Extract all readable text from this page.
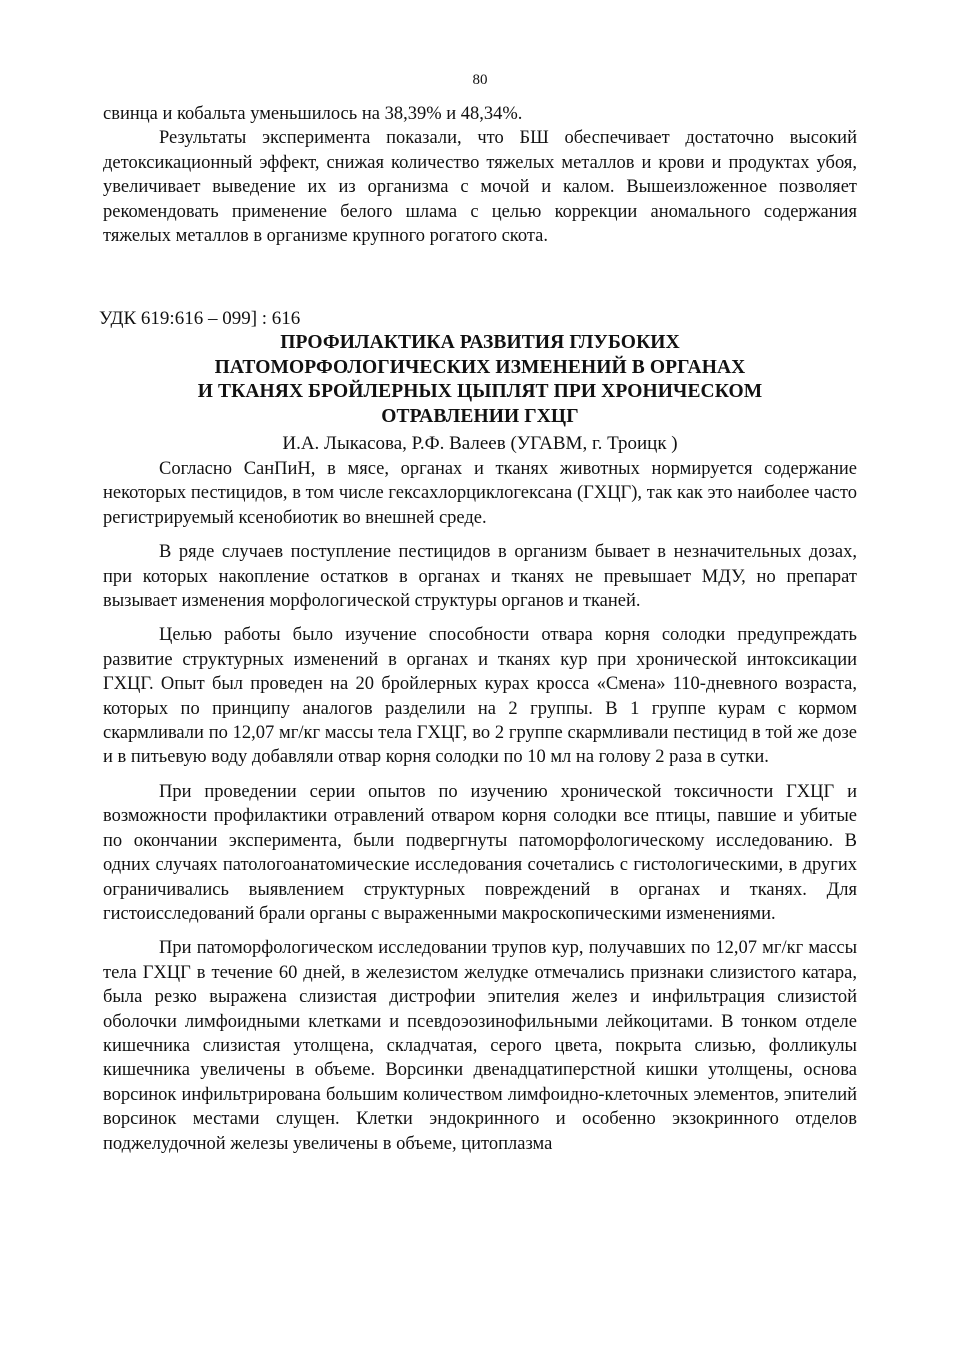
80

свинца и кобальта уменьшилось на 38,39% и 48,34%.

Результаты эксперимента показали, что БШ обеспечивает достаточно высокий детоксикационный эффект, снижая количество тяжелых металлов и крови и продуктах убоя, увеличивает выведение их из организма с мочой и калом. Вышеизложенное позволяет рекомендовать применение белого шлама с целью коррекции аномального содержания тяжелых металлов в организме крупного рогатого скота.

УДК 619:616 – 099] : 616
ПРОФИЛАКТИКА РАЗВИТИЯ ГЛУБОКИХ
ПАТОМОРФОЛОГИЧЕСКИХ ИЗМЕНЕНИЙ В ОРГАНАХ
И ТКАНЯХ БРОЙЛЕРНЫХ ЦЫПЛЯТ ПРИ ХРОНИЧЕСКОМ
ОТРАВЛЕНИИ ГХЦГ
И.А. Лыкасова, Р.Ф. Валеев (УГАВМ, г. Троицк )

Согласно СанПиН, в мясе, органах и тканях животных нормируется содержание некоторых пестицидов, в том числе гексахлорциклогексана (ГХЦГ), так как это наиболее часто регистрируемый ксенобиотик во внешней среде.

В ряде случаев поступление пестицидов в организм бывает в незначительных дозах, при которых накопление остатков в органах и тканях не превышает МДУ, но препарат вызывает изменения морфологической структуры органов и тканей.

Целью работы было изучение способности отвара корня солодки предупреждать развитие структурных изменений в органах и тканях кур при хронической интоксикации ГХЦГ. Опыт был проведен на 20 бройлерных курах кросса «Смена» 110-дневного возраста, которых по принципу аналогов разделили на 2 группы. В 1 группе курам с кормом скармливали по 12,07 мг/кг массы тела ГХЦГ, во 2 группе скармливали пестицид в той же дозе и в питьевую воду добавляли отвар корня солодки по 10 мл на голову 2 раза в сутки.

При проведении серии опытов по изучению хронической токсичности ГХЦГ и возможности профилактики отравлений отваром корня солодки все птицы, павшие и убитые по окончании эксперимента, были подвергнуты патоморфологическому исследованию. В одних случаях патологоанатомические исследования сочетались с гистологическими, в других ограничивались выявлением структурных повреждений в органах и тканях. Для гистоисследований брали органы с выраженными макроскопическими изменениями.

При патоморфологическом исследовании трупов кур, получавших по 12,07 мг/кг массы тела ГХЦГ в течение 60 дней, в железистом желудке отмечались признаки слизистого катара, была резко выражена слизистая дистрофии эпителия желез и инфильтрация слизистой оболочки лимфоидными клетками и псевдоэозинофильными лейкоцитами. В тонком отделе кишечника слизистая утолщена, складчатая, серого цвета, покрыта слизью, фолликулы кишечника увеличены в объеме. Ворсинки двенадцатиперстной кишки утолщены, основа ворсинок инфильтрирована большим количеством лимфоидно-клеточных элементов, эпителий ворсинок местами слущен. Клетки эндокринного и особенно экзокринного отделов поджелудочной железы увеличены в объеме, цитоплазма
